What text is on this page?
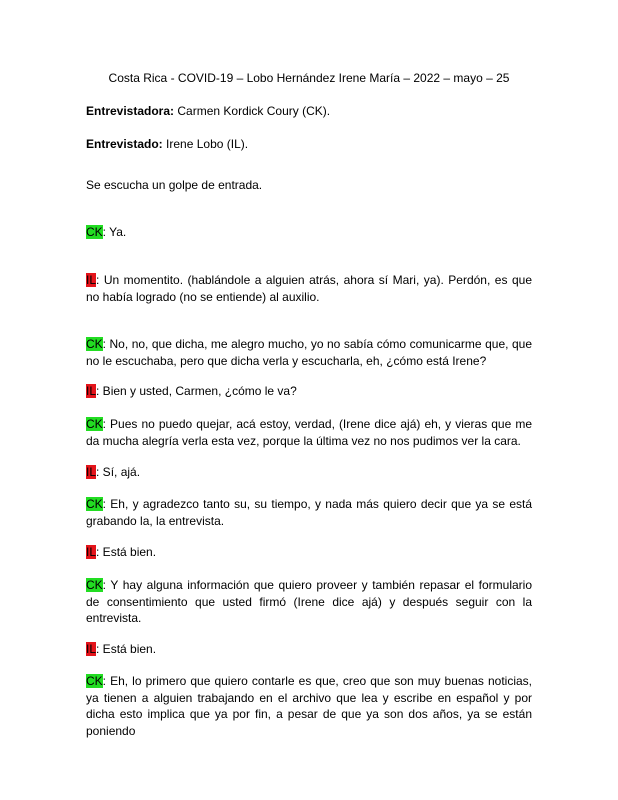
Costa Rica - COVID-19 – Lobo Hernández Irene María – 2022 – mayo – 25
Entrevistadora: Carmen Kordick Coury (CK).
Entrevistado: Irene Lobo (IL).
Se escucha un golpe de entrada.
CK: Ya.
IL: Un momentito. (hablándole a alguien atrás, ahora sí Mari, ya). Perdón, es que no había logrado (no se entiende) al auxilio.
CK: No, no, que dicha, me alegro mucho, yo no sabía cómo comunicarme que, que no le escuchaba, pero que dicha verla y escucharla, eh, ¿cómo está Irene?
IL: Bien y usted, Carmen, ¿cómo le va?
CK: Pues no puedo quejar, acá estoy, verdad, (Irene dice ajá) eh, y vieras que me da mucha alegría verla esta vez, porque la última vez no nos pudimos ver la cara.
IL: Sí, ajá.
CK: Eh, y agradezco tanto su, su tiempo, y nada más quiero decir que ya se está grabando la, la entrevista.
IL: Está bien.
CK: Y hay alguna información que quiero proveer y también repasar el formulario de consentimiento que usted firmó (Irene dice ajá) y después seguir con la entrevista.
IL: Está bien.
CK: Eh, lo primero que quiero contarle es que, creo que son muy buenas noticias, ya tienen a alguien trabajando en el archivo que lea y escribe en español y por dicha esto implica que ya por fin, a pesar de que ya son dos años, ya se están poniendo
